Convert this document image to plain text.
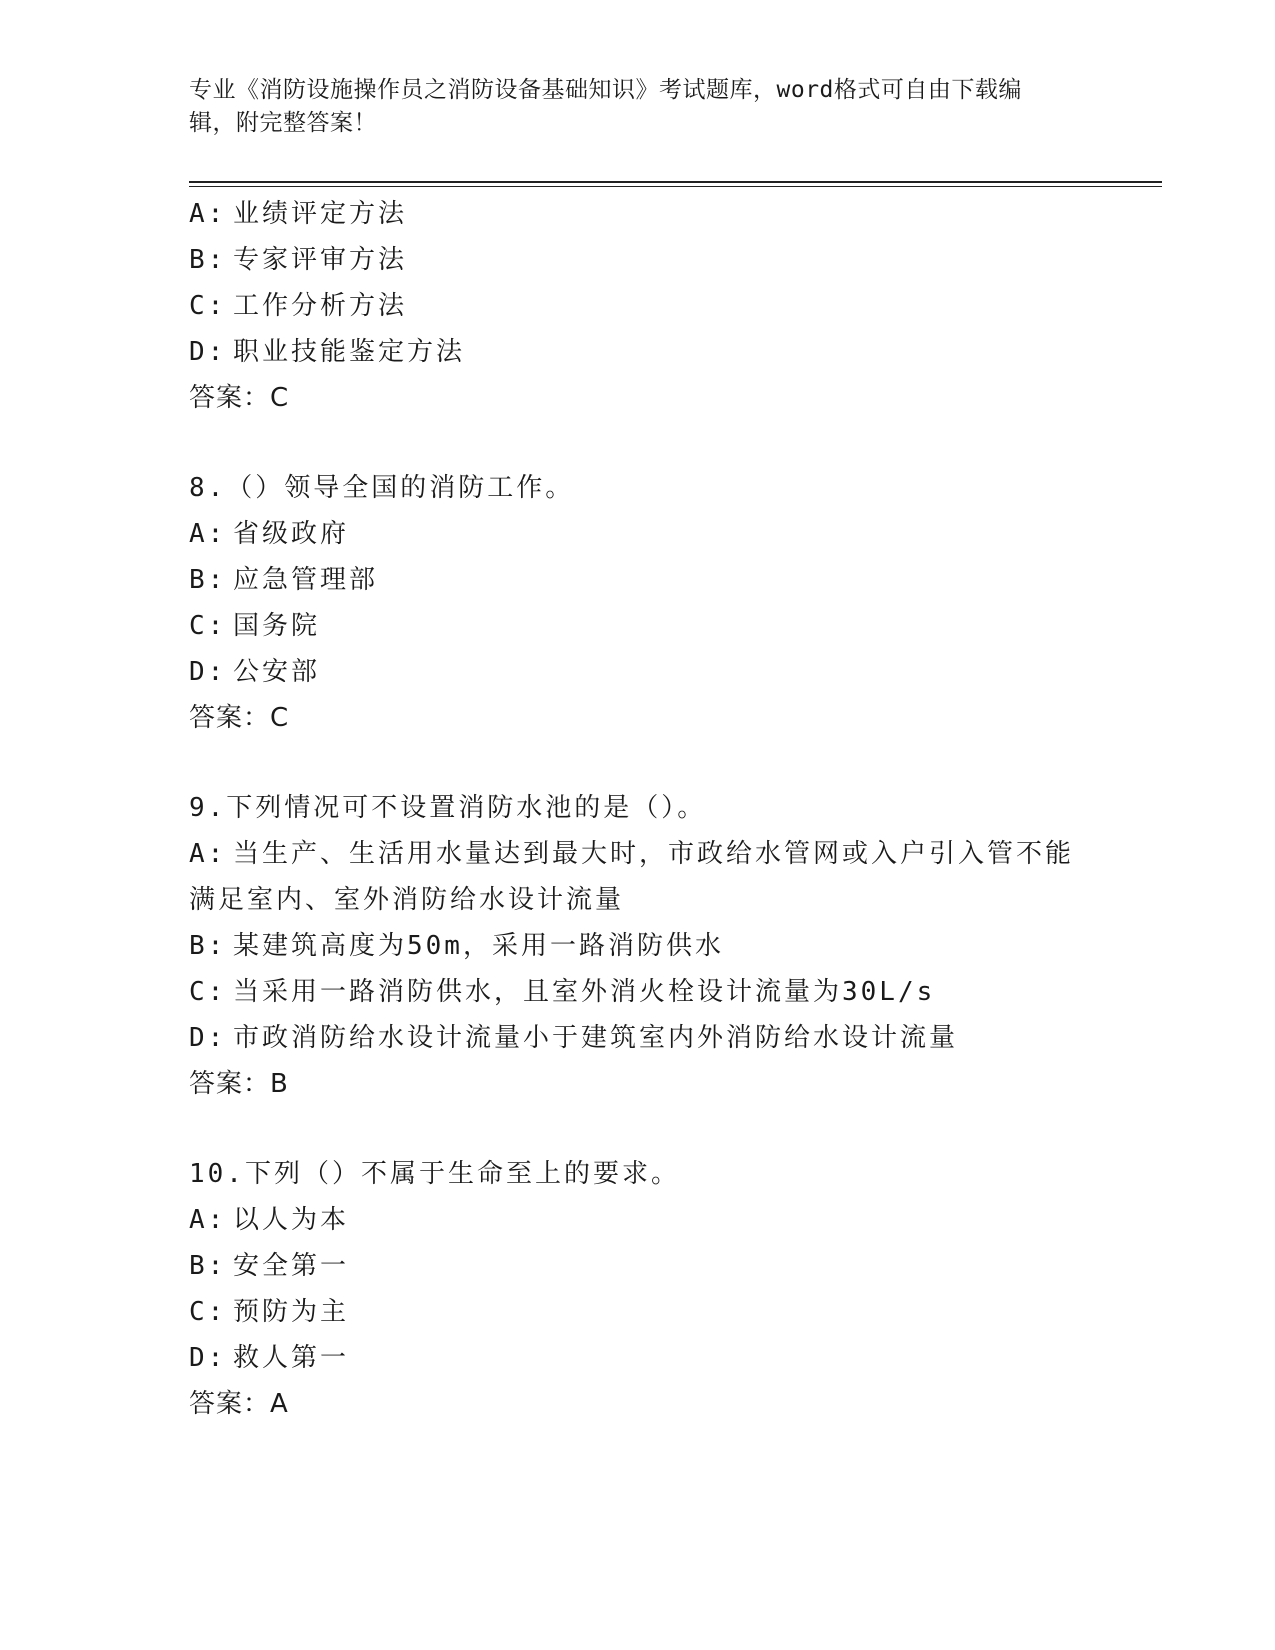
专业《消防设施操作员之消防设备基础知识》考试题库，word格式可自由下载编
辑，附完整答案！
A: 业绩评定方法
B: 专家评审方法
C: 工作分析方法
D: 职业技能鉴定方法
答案：C
8.（）领导全国的消防工作。
A: 省级政府
B: 应急管理部
C: 国务院
D: 公安部
答案：C
9.下列情况可不设置消防水池的是（）。
A: 当生产、生活用水量达到最大时，市政给水管网或入户引入管不能
满足室内、室外消防给水设计流量
B: 某建筑高度为50m，采用一路消防供水
C: 当采用一路消防供水，且室外消火栓设计流量为30L/s
D: 市政消防给水设计流量小于建筑室内外消防给水设计流量
答案：B
10.下列（）不属于生命至上的要求。
A: 以人为本
B: 安全第一
C: 预防为主
D: 救人第一
答案：A
